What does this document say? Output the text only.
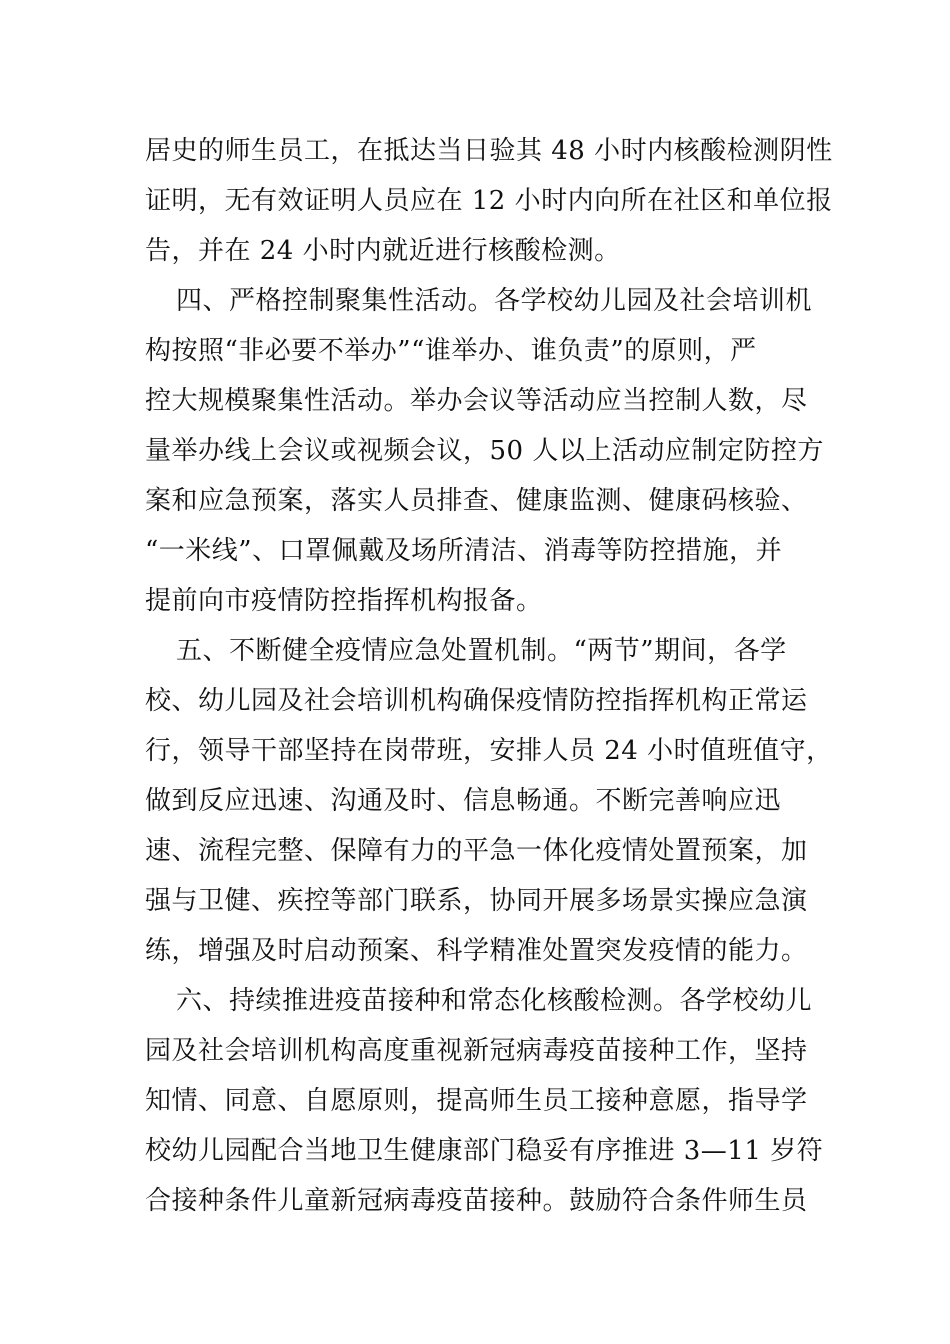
居史的师生员工，在抵达当日验其 48 小时内核酸检测阴性
证明，无有效证明人员应在 12 小时内向所在社区和单位报
告，并在 24 小时内就近进行核酸检测。
四、严格控制聚集性活动。各学校幼儿园及社会培训机
构按照“非必要不举办”“谁举办、谁负责”的原则，严
控大规模聚集性活动。举办会议等活动应当控制人数，尽
量举办线上会议或视频会议，50 人以上活动应制定防控方
案和应急预案，落实人员排查、健康监测、健康码核验、
“一米线”、口罩佩戴及场所清洁、消毒等防控措施，并
提前向市疫情防控指挥机构报备。
五、不断健全疫情应急处置机制。“两节”期间，各学
校、幼儿园及社会培训机构确保疫情防控指挥机构正常运
行，领导干部坚持在岗带班，安排人员 24 小时值班值守，
做到反应迅速、沟通及时、信息畅通。不断完善响应迅
速、流程完整、保障有力的平急一体化疫情处置预案，加
强与卫健、疾控等部门联系，协同开展多场景实操应急演
练，增强及时启动预案、科学精准处置突发疫情的能力。
六、持续推进疫苗接种和常态化核酸检测。各学校幼儿
园及社会培训机构高度重视新冠病毒疫苗接种工作，坚持
知情、同意、自愿原则，提高师生员工接种意愿，指导学
校幼儿园配合当地卫生健康部门稳妥有序推进 3—11 岁符
合接种条件儿童新冠病毒疫苗接种。鼓励符合条件师生员
